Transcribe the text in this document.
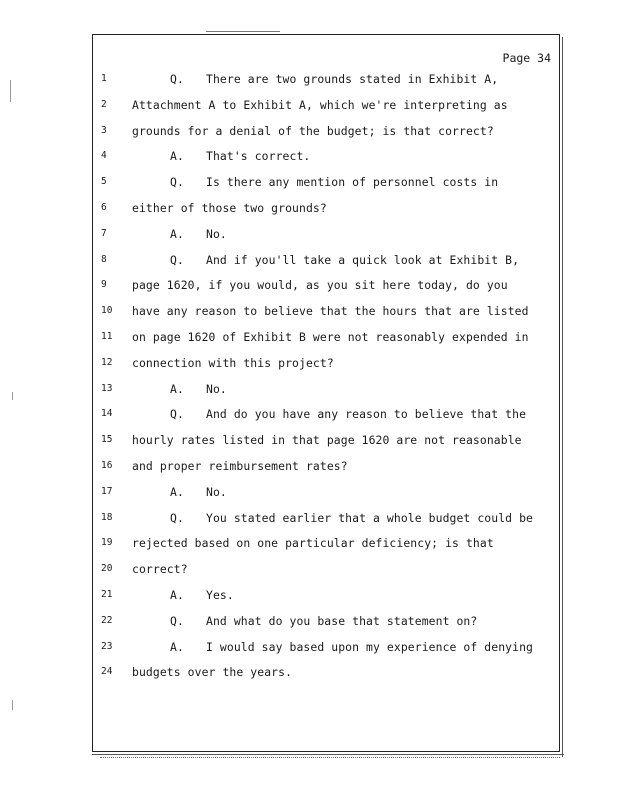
Page 34
1	Q. There are two grounds stated in Exhibit A,
2	Attachment A to Exhibit A, which we're interpreting as
3	grounds for a denial of the budget; is that correct?
4	A. That's correct.
5	Q. Is there any mention of personnel costs in
6	either of those two grounds?
7	A. No.
8	Q. And if you'll take a quick look at Exhibit B,
9	page 1620, if you would, as you sit here today, do you
10 have any reason to believe that the hours that are listed
11 on page 1620 of Exhibit B were not reasonably expended in
12 connection with this project?
13	A. No.
14	Q. And do you have any reason to believe that the
15 hourly rates listed in that page 1620 are not reasonable
16 and proper reimbursement rates?
17	A. No.
18	Q. You stated earlier that a whole budget could be
19 rejected based on one particular deficiency; is that
20 correct?
21	A. Yes.
22	Q. And what do you base that statement on?
23	A. I would say based upon my experience of denying
24 budgets over the years.
